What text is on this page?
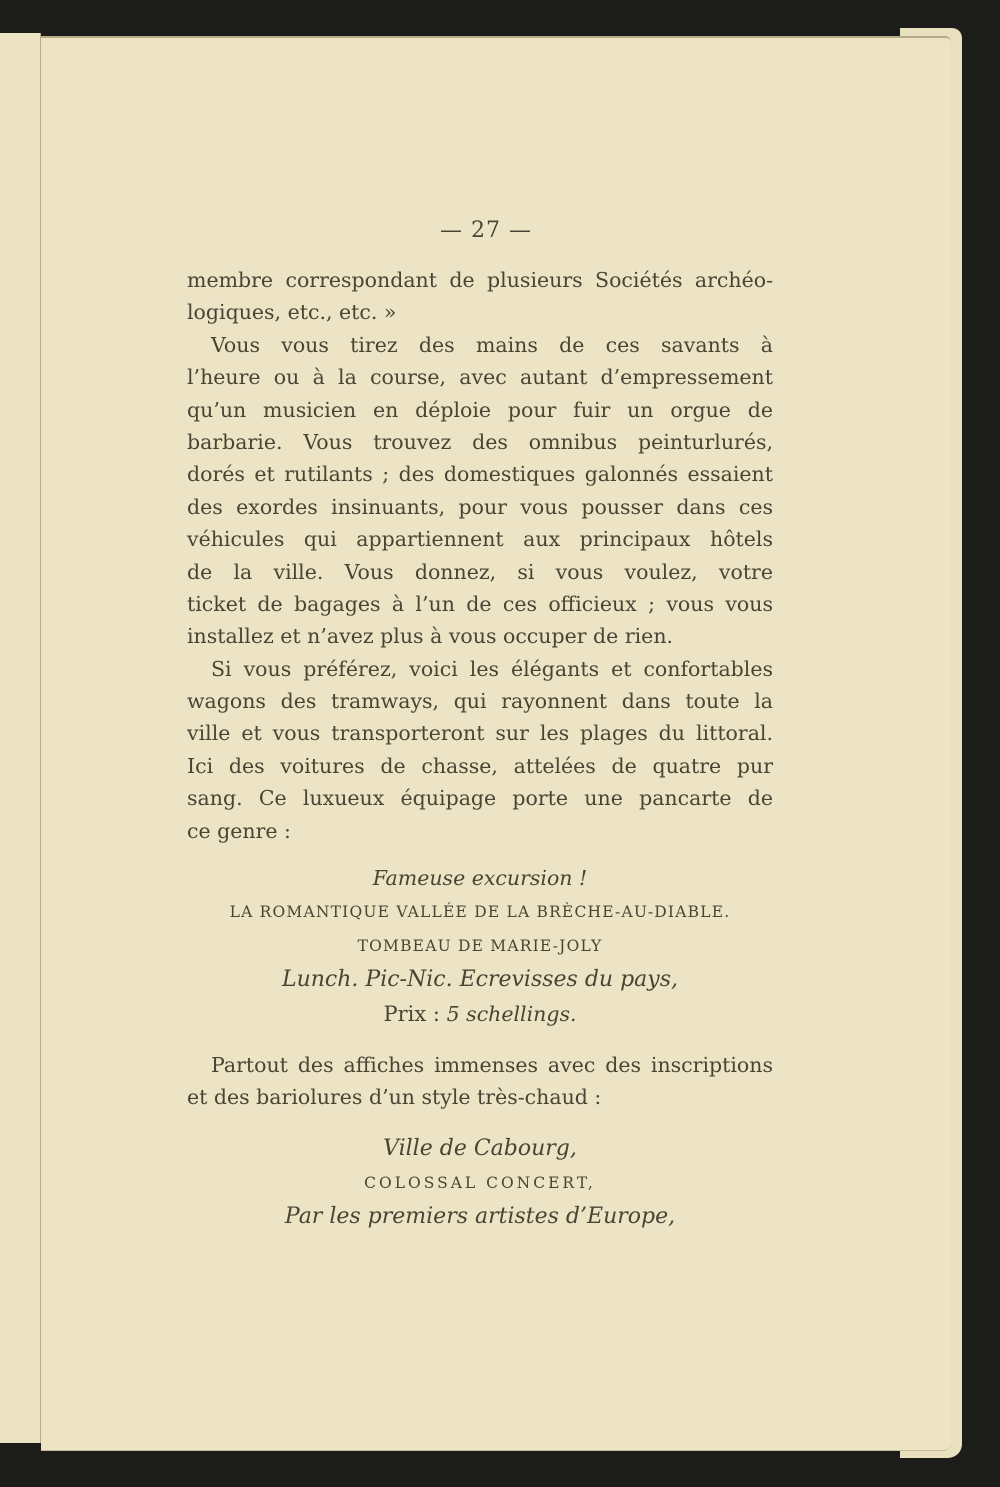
— 27 —
membre correspondant de plusieurs Sociétés archéo-
logiques, etc., etc. »
Vous vous tirez des mains de ces savants à
l’heure ou à la course, avec autant d’empressement
qu’un musicien en déploie pour fuir un orgue de
barbarie. Vous trouvez des omnibus peinturlurés,
dorés et rutilants ; des domestiques galonnés essaient
des exordes insinuants, pour vous pousser dans ces
véhicules qui appartiennent aux principaux hôtels
de la ville. Vous donnez, si vous voulez, votre
ticket de bagages à l’un de ces officieux ; vous vous
installez et n’avez plus à vous occuper de rien.
Si vous préférez, voici les élégants et confortables
wagons des tramways, qui rayonnent dans toute la
ville et vous transporteront sur les plages du littoral.
Ici des voitures de chasse, attelées de quatre pur
sang. Ce luxueux équipage porte une pancarte de
ce genre :
Fameuse excursion !
LA ROMANTIQUE VALLÉE DE LA BRÈCHE-AU-DIABLE.
TOMBEAU DE MARIE-JOLY
Lunch. Pic-Nic. Ecrevisses du pays,
Prix : 5 schellings.
Partout des affiches immenses avec des inscriptions
et des bariolures d’un style très-chaud :
Ville de Cabourg,
COLOSSAL CONCERT,
Par les premiers artistes d’Europe,
